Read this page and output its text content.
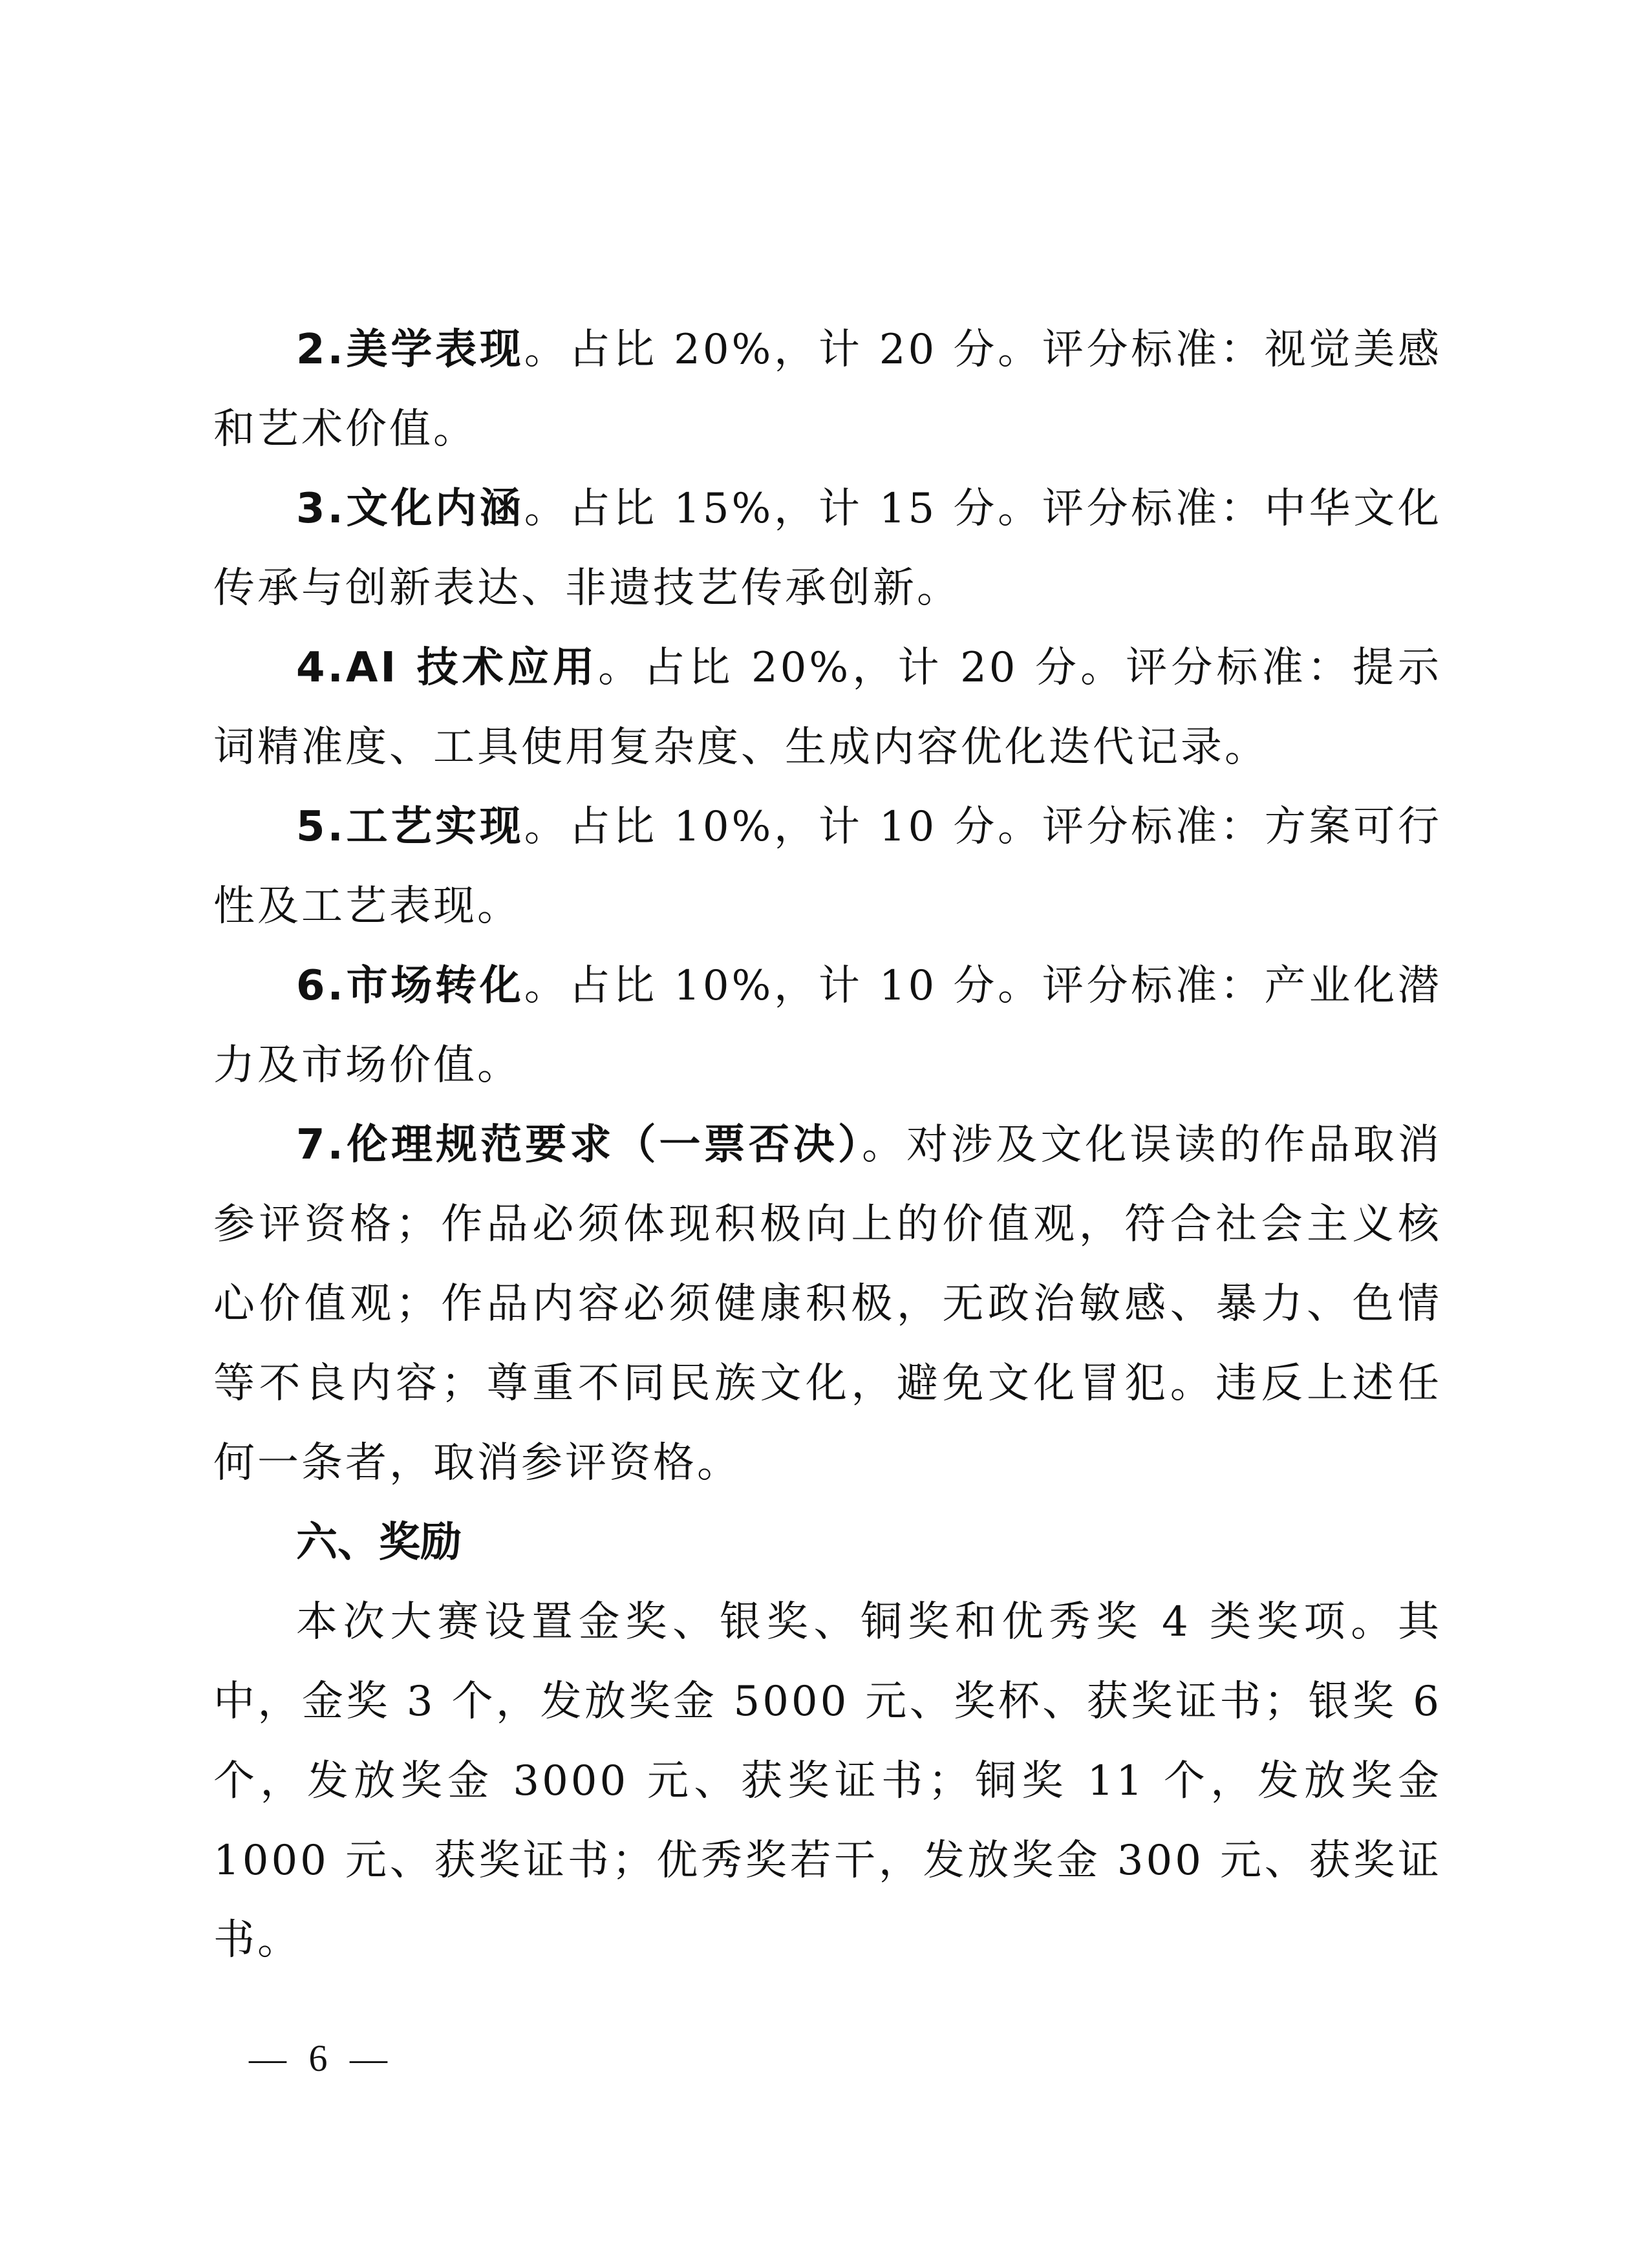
2.美学表现。占比 20%，计 20 分。评分标准：视觉美感和艺术价值。

3.文化内涵。占比 15%，计 15 分。评分标准：中华文化传承与创新表达、非遗技艺传承创新。

4.AI 技术应用。占比 20%，计 20 分。评分标准：提示词精准度、工具使用复杂度、生成内容优化迭代记录。

5.工艺实现。占比 10%，计 10 分。评分标准：方案可行性及工艺表现。

6.市场转化。占比 10%，计 10 分。评分标准：产业化潜力及市场价值。

7.伦理规范要求（一票否决）。对涉及文化误读的作品取消参评资格；作品必须体现积极向上的价值观，符合社会主义核心价值观；作品内容必须健康积极，无政治敏感、暴力、色情等不良内容；尊重不同民族文化，避免文化冒犯。违反上述任何一条者，取消参评资格。

六、奖励

本次大赛设置金奖、银奖、铜奖和优秀奖 4 类奖项。其中，金奖 3 个，发放奖金 5000 元、奖杯、获奖证书；银奖 6 个，发放奖金 3000 元、获奖证书；铜奖 11 个，发放奖金 1000 元、获奖证书；优秀奖若干，发放奖金 300 元、获奖证书。

— 6 —
